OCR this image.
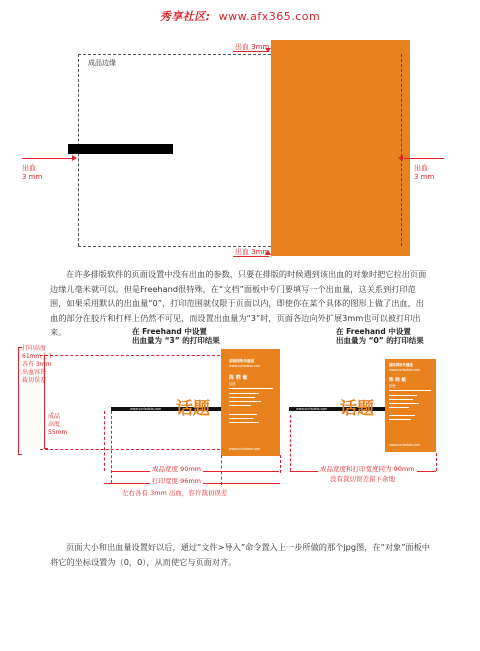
秀享社区: www.afx365.com
成品边缘
出血 3mm
出血
3 mm
出血
3 mm
出血 3mm
在许多排版软件的页面设置中没有出血的参数，只要在排版的时候遇到该出血的对象时把它拉出页面边缘儿毫米就可以。但是Freehand很特殊，在“文档”面板中专门要填写一个出血量，这关系到打印范围，如果采用默认的出血量“0”，打印范围就仅限于页面以内，即使你在某个具体的图形上做了出血，出血的部分在胶片和打样上仍然不可见，而设置出血量为“3”时，页面各边向外扩展3mm也可以被打印出来。	在 Freehand 中设置
出血量为 “3” 的打印结果
在 Freehand 中设置
出血量为 “0” 的打印结果
湖南网络传播通
www.surfadeia.com
陈 晓 敏
经理
www.surfadeia.com
www.surfadeia.com 话题
打印高度
61mm上下
各有 3mm
出血容许
裁切误差
成品
高度
55mm
成品宽度 90mm
打印宽度 96mm
左右各有 3mm 出血，容许裁切误差
湖南网络传播通
www.surfadeia.com
陈 晓 敏
经理
www.surfadeia.com
www.surfadeia.com 话题
成品宽度和打印宽度同为 90mm
没有裁切误差留下余地
页面大小和出血量设置好以后，通过“文件>导入”命令置入上一步所做的那个jpg图，在“对象”面板中将它的坐标设置为（0，0），从而使它与页面对齐。
